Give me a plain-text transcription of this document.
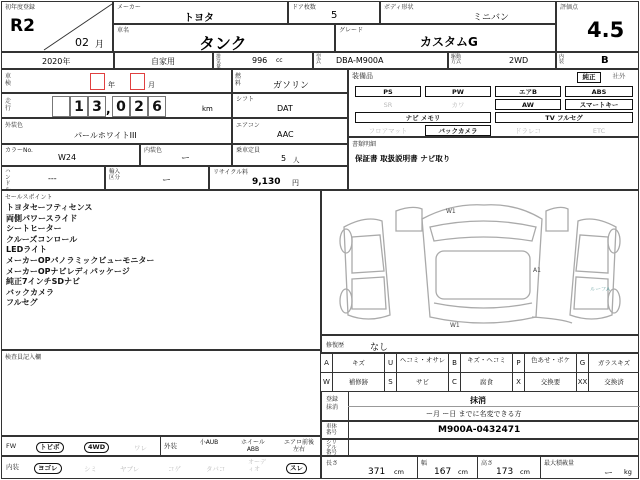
初年度登録
R2
02 月
メーカー
トヨタ
ドア枚数
5
ボディ形状
ミニバン
評価点
4.5
車名
タンク
グレード
カスタムG
2020年	自家用	排気量
996 cc	型式	DBA-M900A	駆動方式	2WD	内装	B
車検	年	月
走行	1 3 , 0 2 6	km
燃料	ガソリン
シフト
DAT
外装色
パールホワイトIII
エアコン
AAC
カラーNo.
W24
内装色
ー
乗車定員
5 人
ハンドル
---
輸入区分	ー
リサイクル料
9,130 円
装備品	純正	社外
PS	PW	エアB	ABS
SR	カワ	AW	スマートキー
ナビ メモリ	TV フルセグ
フロアマット	バックカメラ	ドラレコ	ETC
書類明細
保証書 取扱説明書 ナビ取り
セールスポイント
トヨタセーフティセンス
両側パワースライド
シートヒーター
クルーズコンロール
LEDライト
メーカーOPパノラミックビューモニター
メーカーOPナビレディパッケージ
純正7インチSDナビ
バックカメラ
フルセグ
W1
W1
A1
ルーフA
検査員記入欄
修復歴	なし
A	キズ	U	ヘコミ・オサレ B	キズ・ヘコミ	P	色あせ・ボケ	G	ガラスキズ
W	補修跡	S	サビ	C	腐食	X	交換要	XX	交換済
登録抹消
抹消
ー月 ー日 までに名変できる方
車体番号	M900A-0432471
シリアル番号
FW	トビボ	4WD	ワレ	外装	小AUB	ホイールABB
エアロ前後左右
内装	ヨゴレ	シミ	ヤブレ	コゲ	タバコ
オーディオ	スレ
長さ
371 cm
幅
167 cm
高さ
173 cm
最大積載量
ー kg
